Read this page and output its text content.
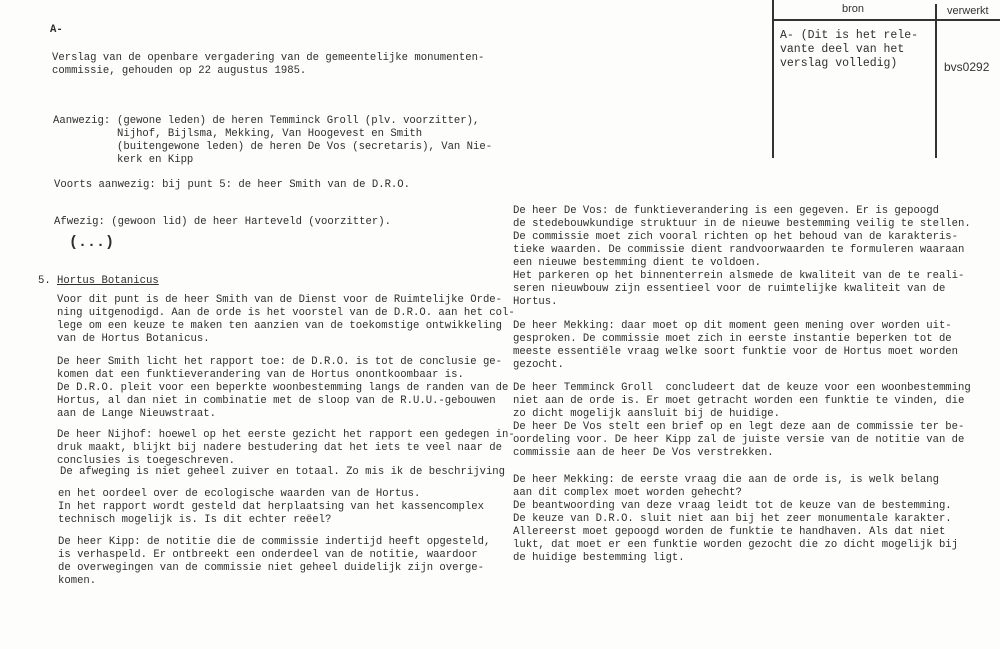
bron	verwerkt
A- (Dit is het rele-
vante deel van het
verslag volledig)	bvs0292
A-
Verslag van de openbare vergadering van de gemeentelijke monumenten-
commissie, gehouden op 22 augustus 1985.
Aanwezig: (gewone leden) de heren Temminck Groll (plv. voorzitter),
Nijhof, Bijlsma, Mekking, Van Hoogevest en Smith
(buitengewone leden) de heren De Vos (secretaris), Van Nie-
kerk en Kipp
Voorts aanwezig: bij punt 5: de heer Smith van de D.R.O.
Afwezig: (gewoon lid) de heer Harteveld (voorzitter).
(...)
5. Hortus Botanicus
Voor dit punt is de heer Smith van de Dienst voor de Ruimtelijke Orde-
ning uitgenodigd. Aan de orde is het voorstel van de D.R.O. aan het col-
lege om een keuze te maken ten aanzien van de toekomstige ontwikkeling
van de Hortus Botanicus.
De heer Smith licht het rapport toe: de D.R.O. is tot de conclusie ge-
komen dat een funktieverandering van de Hortus onontkoombaar is.
De D.R.O. pleit voor een beperkte woonbestemming langs de randen van de
Hortus, al dan niet in combinatie met de sloop van de R.U.U.-gebouwen
aan de Lange Nieuwstraat.
De heer Nijhof: hoewel op het eerste gezicht het rapport een gedegen in-
druk maakt, blijkt bij nadere bestudering dat het iets te veel naar de
conclusies is toegeschreven.
De afweging is niet geheel zuiver en totaal. Zo mis ik de beschrijving
en het oordeel over de ecologische waarden van de Hortus.
In het rapport wordt gesteld dat herplaatsing van het kassencomplex
technisch mogelijk is. Is dit echter reëel?
De heer Kipp: de notitie die de commissie indertijd heeft opgesteld,
is verhaspeld. Er ontbreekt een onderdeel van de notitie, waardoor
de overwegingen van de commissie niet geheel duidelijk zijn overge-
komen.
De heer De Vos: de funktieverandering is een gegeven. Er is gepoogd
de stedebouwkundige struktuur in de nieuwe bestemming veilig te stellen.
De commissie moet zich vooral richten op het behoud van de karakteris-
tieke waarden. De commissie dient randvoorwaarden te formuleren waaraan
een nieuwe bestemming dient te voldoen.
Het parkeren op het binnenterrein alsmede de kwaliteit van de te reali-
seren nieuwbouw zijn essentieel voor de ruimtelijke kwaliteit van de
Hortus.
De heer Mekking: daar moet op dit moment geen mening over worden uit-
gesproken. De commissie moet zich in eerste instantie beperken tot de
meeste essentiële vraag welke soort funktie voor de Hortus moet worden
gezocht.
De heer Temminck Groll  concludeert dat de keuze voor een woonbestemming
niet aan de orde is. Er moet getracht worden een funktie te vinden, die
zo dicht mogelijk aansluit bij de huidige.
De heer De Vos stelt een brief op en legt deze aan de commissie ter be-
oordeling voor. De heer Kipp zal de juiste versie van de notitie van de
commissie aan de heer De Vos verstrekken.
De heer Mekking: de eerste vraag die aan de orde is, is welk belang
aan dit complex moet worden gehecht?
De beantwoording van deze vraag leidt tot de keuze van de bestemming.
De keuze van D.R.O. sluit niet aan bij het zeer monumentale karakter.
Allereerst moet gepoogd worden de funktie te handhaven. Als dat niet
lukt, dat moet er een funktie worden gezocht die zo dicht mogelijk bij
de huidige bestemming ligt.
